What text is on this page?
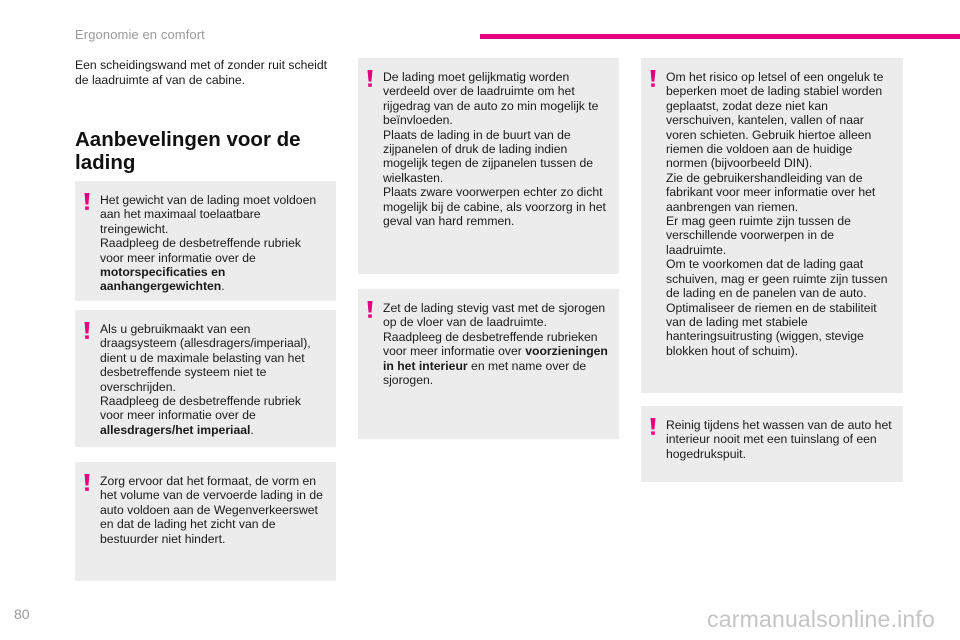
Ergonomie en comfort
Een scheidingswand met of zonder ruit scheidt de laadruimte af van de cabine.
Aanbevelingen voor de lading

Het gewicht van de lading moet voldoen aan het maximaal toelaatbare treingewicht.

Raadpleeg de desbetreffende rubriek voor meer informatie over de motorspecificaties en aanhangergewichten.

Als u gebruikmaakt van een draagsysteem (allesdragers/imperiaal), dient u de maximale belasting van het desbetreffende systeem niet te overschrijden.

Raadpleeg de desbetreffende rubriek voor meer informatie over de allesdragers/het imperiaal.

Zorg ervoor dat het formaat, de vorm en het volume van de vervoerde lading in de auto voldoen aan de Wegenverkeerswet en dat de lading het zicht van de bestuurder niet hindert.

De lading moet gelijkmatig worden verdeeld over de laadruimte om het rijgedrag van de auto zo min mogelijk te beïnvloeden.

Plaats de lading in de buurt van de zijpanelen of druk de lading indien mogelijk tegen de zijpanelen tussen de wielkasten.

Plaats zware voorwerpen echter zo dicht mogelijk bij de cabine, als voorzorg in het geval van hard remmen.

Zet de lading stevig vast met de sjorogen op de vloer van de laadruimte.

Raadpleeg de desbetreffende rubrieken voor meer informatie over voorzieningen in het interieur en met name over de sjorogen.

Om het risico op letsel of een ongeluk te beperken moet de lading stabiel worden geplaatst, zodat deze niet kan verschuiven, kantelen, vallen of naar voren schieten. Gebruik hiertoe alleen riemen die voldoen aan de huidige normen (bijvoorbeeld DIN).

Zie de gebruikershandleiding van de fabrikant voor meer informatie over het aanbrengen van riemen.

Er mag geen ruimte zijn tussen de verschillende voorwerpen in de laadruimte.

Om te voorkomen dat de lading gaat schuiven, mag er geen ruimte zijn tussen de lading en de panelen van de auto.

Optimaliseer de riemen en de stabiliteit van de lading met stabiele hanteringsuitrusting (wiggen, stevige blokken hout of schuim).

Reinig tijdens het wassen van de auto het interieur nooit met een tuinslang of een hogedrukspuit.

80	carmanualsonline.info
